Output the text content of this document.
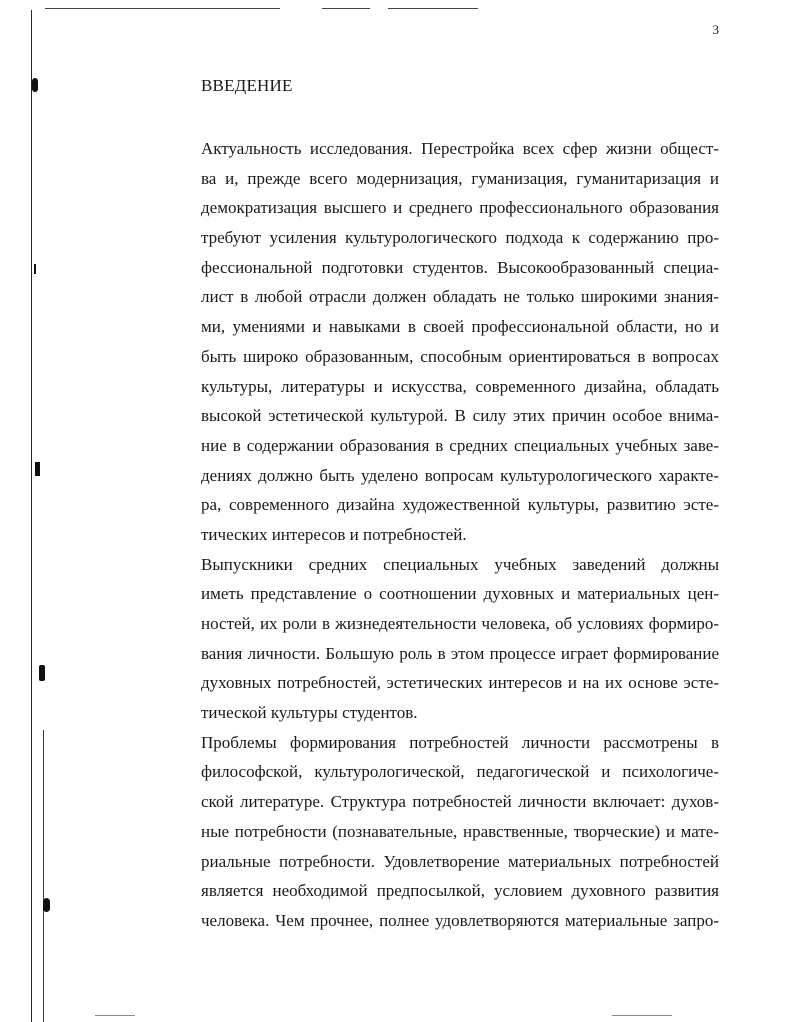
3
ВВЕДЕНИЕ
Актуальность исследования. Перестройка всех сфер жизни общест-
ва и, прежде всего модернизация, гуманизация, гуманитаризация и
демократизация высшего и среднего профессионального образования
требуют усиления культурологического подхода к содержанию про-
фессиональной подготовки студентов. Высокообразованный специа-
лист в любой отрасли должен обладать не только широкими знания-
ми, умениями и навыками в своей профессиональной области, но и
быть широко образованным, способным ориентироваться в вопросах
культуры, литературы и искусства, современного дизайна, обладать
высокой эстетической культурой. В силу этих причин особое внима-
ние в содержании образования в средних специальных учебных заве-
дениях должно быть уделено вопросам культурологического характе-
ра, современного дизайна художественной культуры, развитию эсте-
тических интересов и потребностей.
Выпускники средних специальных учебных заведений должны
иметь представление о соотношении духовных и материальных цен-
ностей, их роли в жизнедеятельности человека, об условиях формиро-
вания личности. Большую роль в этом процессе играет формирование
духовных потребностей, эстетических интересов и на их основе эсте-
тической культуры студентов.
Проблемы формирования потребностей личности рассмотрены в
философской, культурологической, педагогической и психологиче-
ской литературе. Структура потребностей личности включает: духов-
ные потребности (познавательные, нравственные, творческие) и мате-
риальные потребности. Удовлетворение материальных потребностей
является необходимой предпосылкой, условием духовного развития
человека. Чем прочнее, полнее удовлетворяются материальные запро-
